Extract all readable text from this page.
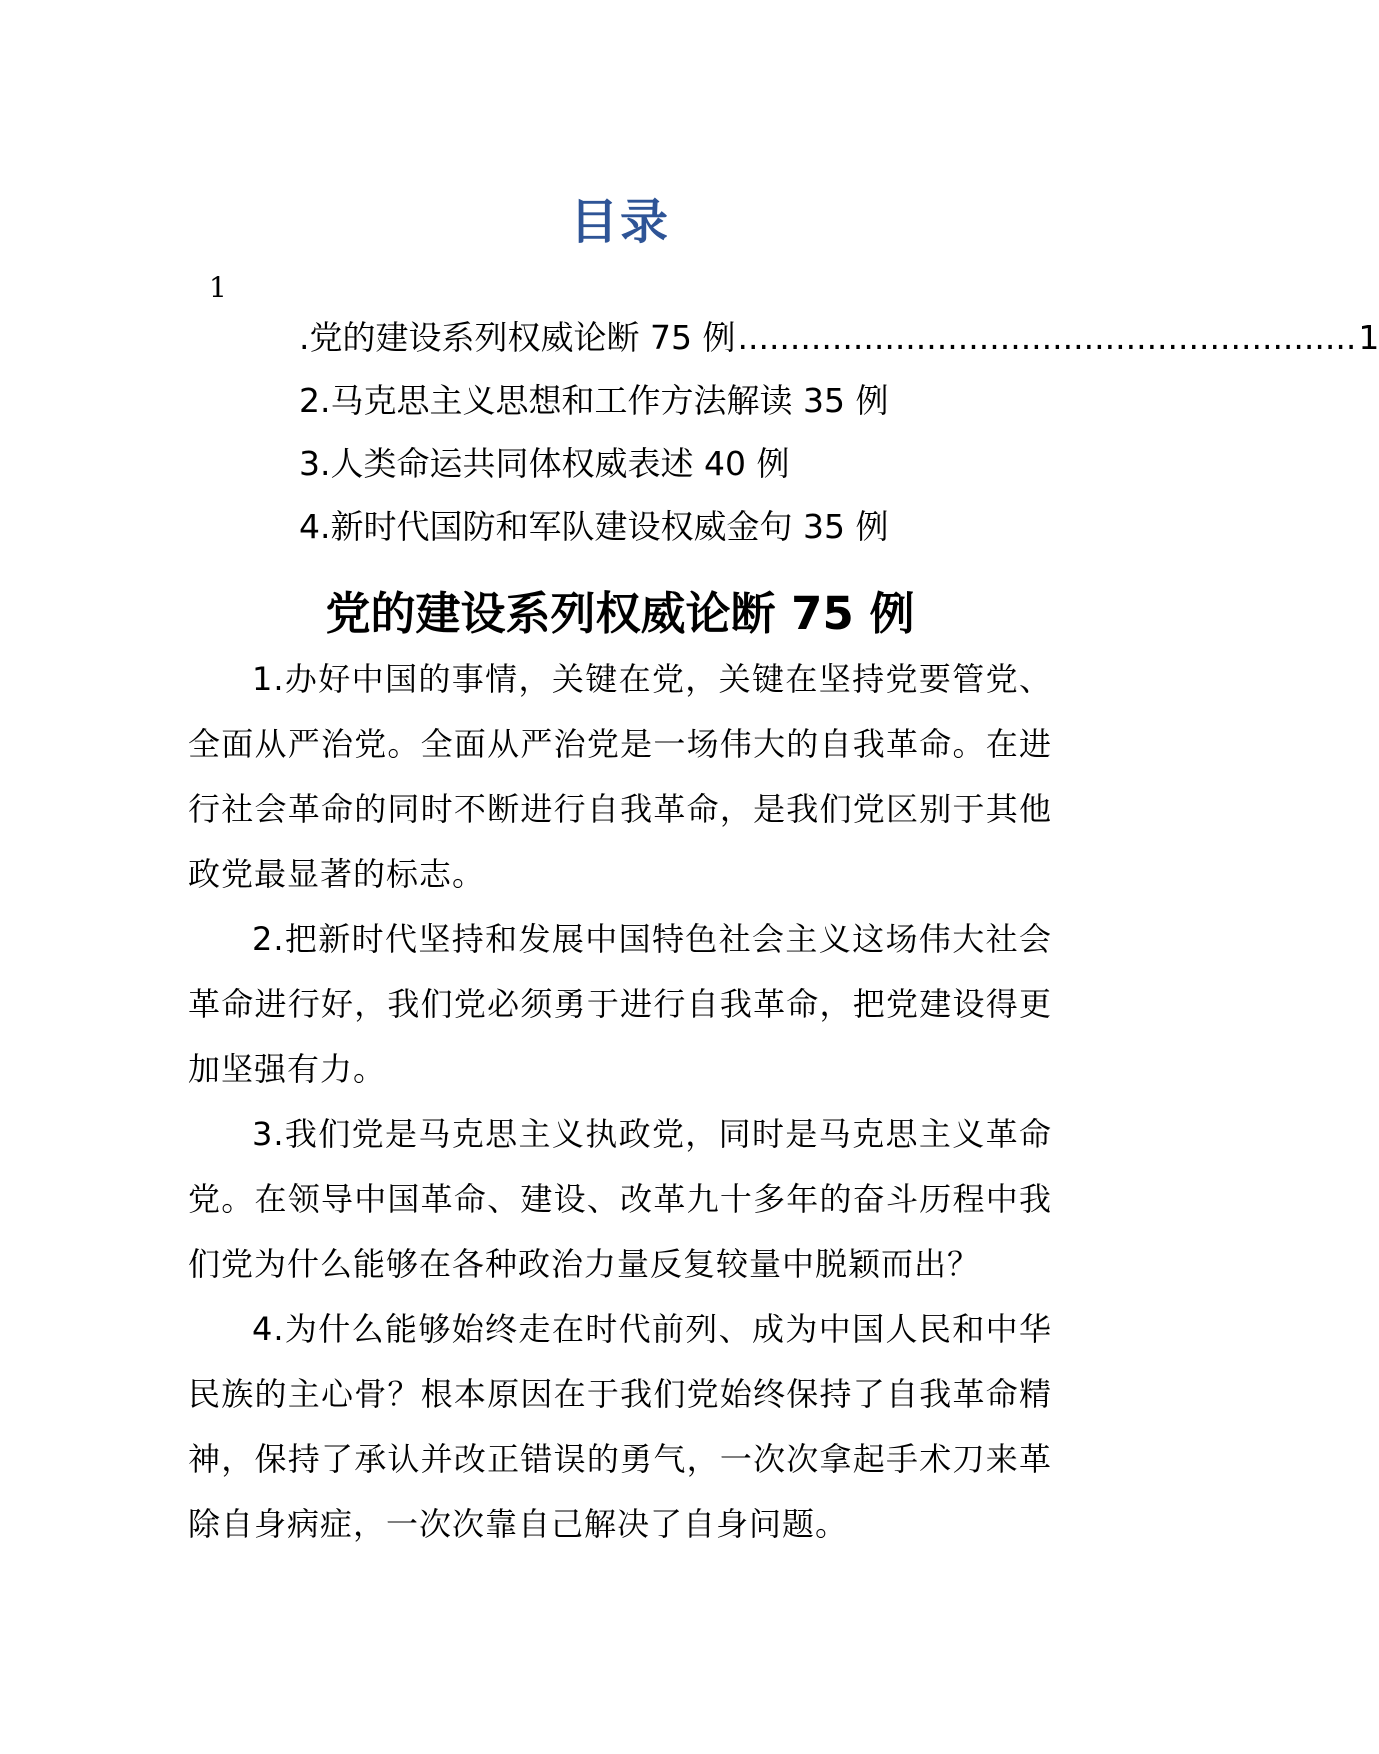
目录
1
.党的建设系列权威论断 75 例 ........................................................... 1
2.马克思主义思想和工作方法解读 35 例
3.人类命运共同体权威表述 40 例
4.新时代国防和军队建设权威金句 35 例
党的建设系列权威论断 75 例

1.办好中国的事情，关键在党，关键在坚持党要管党、全面从严治党。全面从严治党是一场伟大的自我革命。在进行社会革命的同时不断进行自我革命，是我们党区别于其他政党最显著的标志。

2.把新时代坚持和发展中国特色社会主义这场伟大社会革命进行好，我们党必须勇于进行自我革命，把党建设得更加坚强有力。

3.我们党是马克思主义执政党，同时是马克思主义革命党。在领导中国革命、建设、改革九十多年的奋斗历程中我们党为什么能够在各种政治力量反复较量中脱颖而出？

4.为什么能够始终走在时代前列、成为中国人民和中华民族的主心骨？根本原因在于我们党始终保持了自我革命精神，保持了承认并改正错误的勇气，一次次拿起手术刀来革除自身病症，一次次靠自己解决了自身问题。
